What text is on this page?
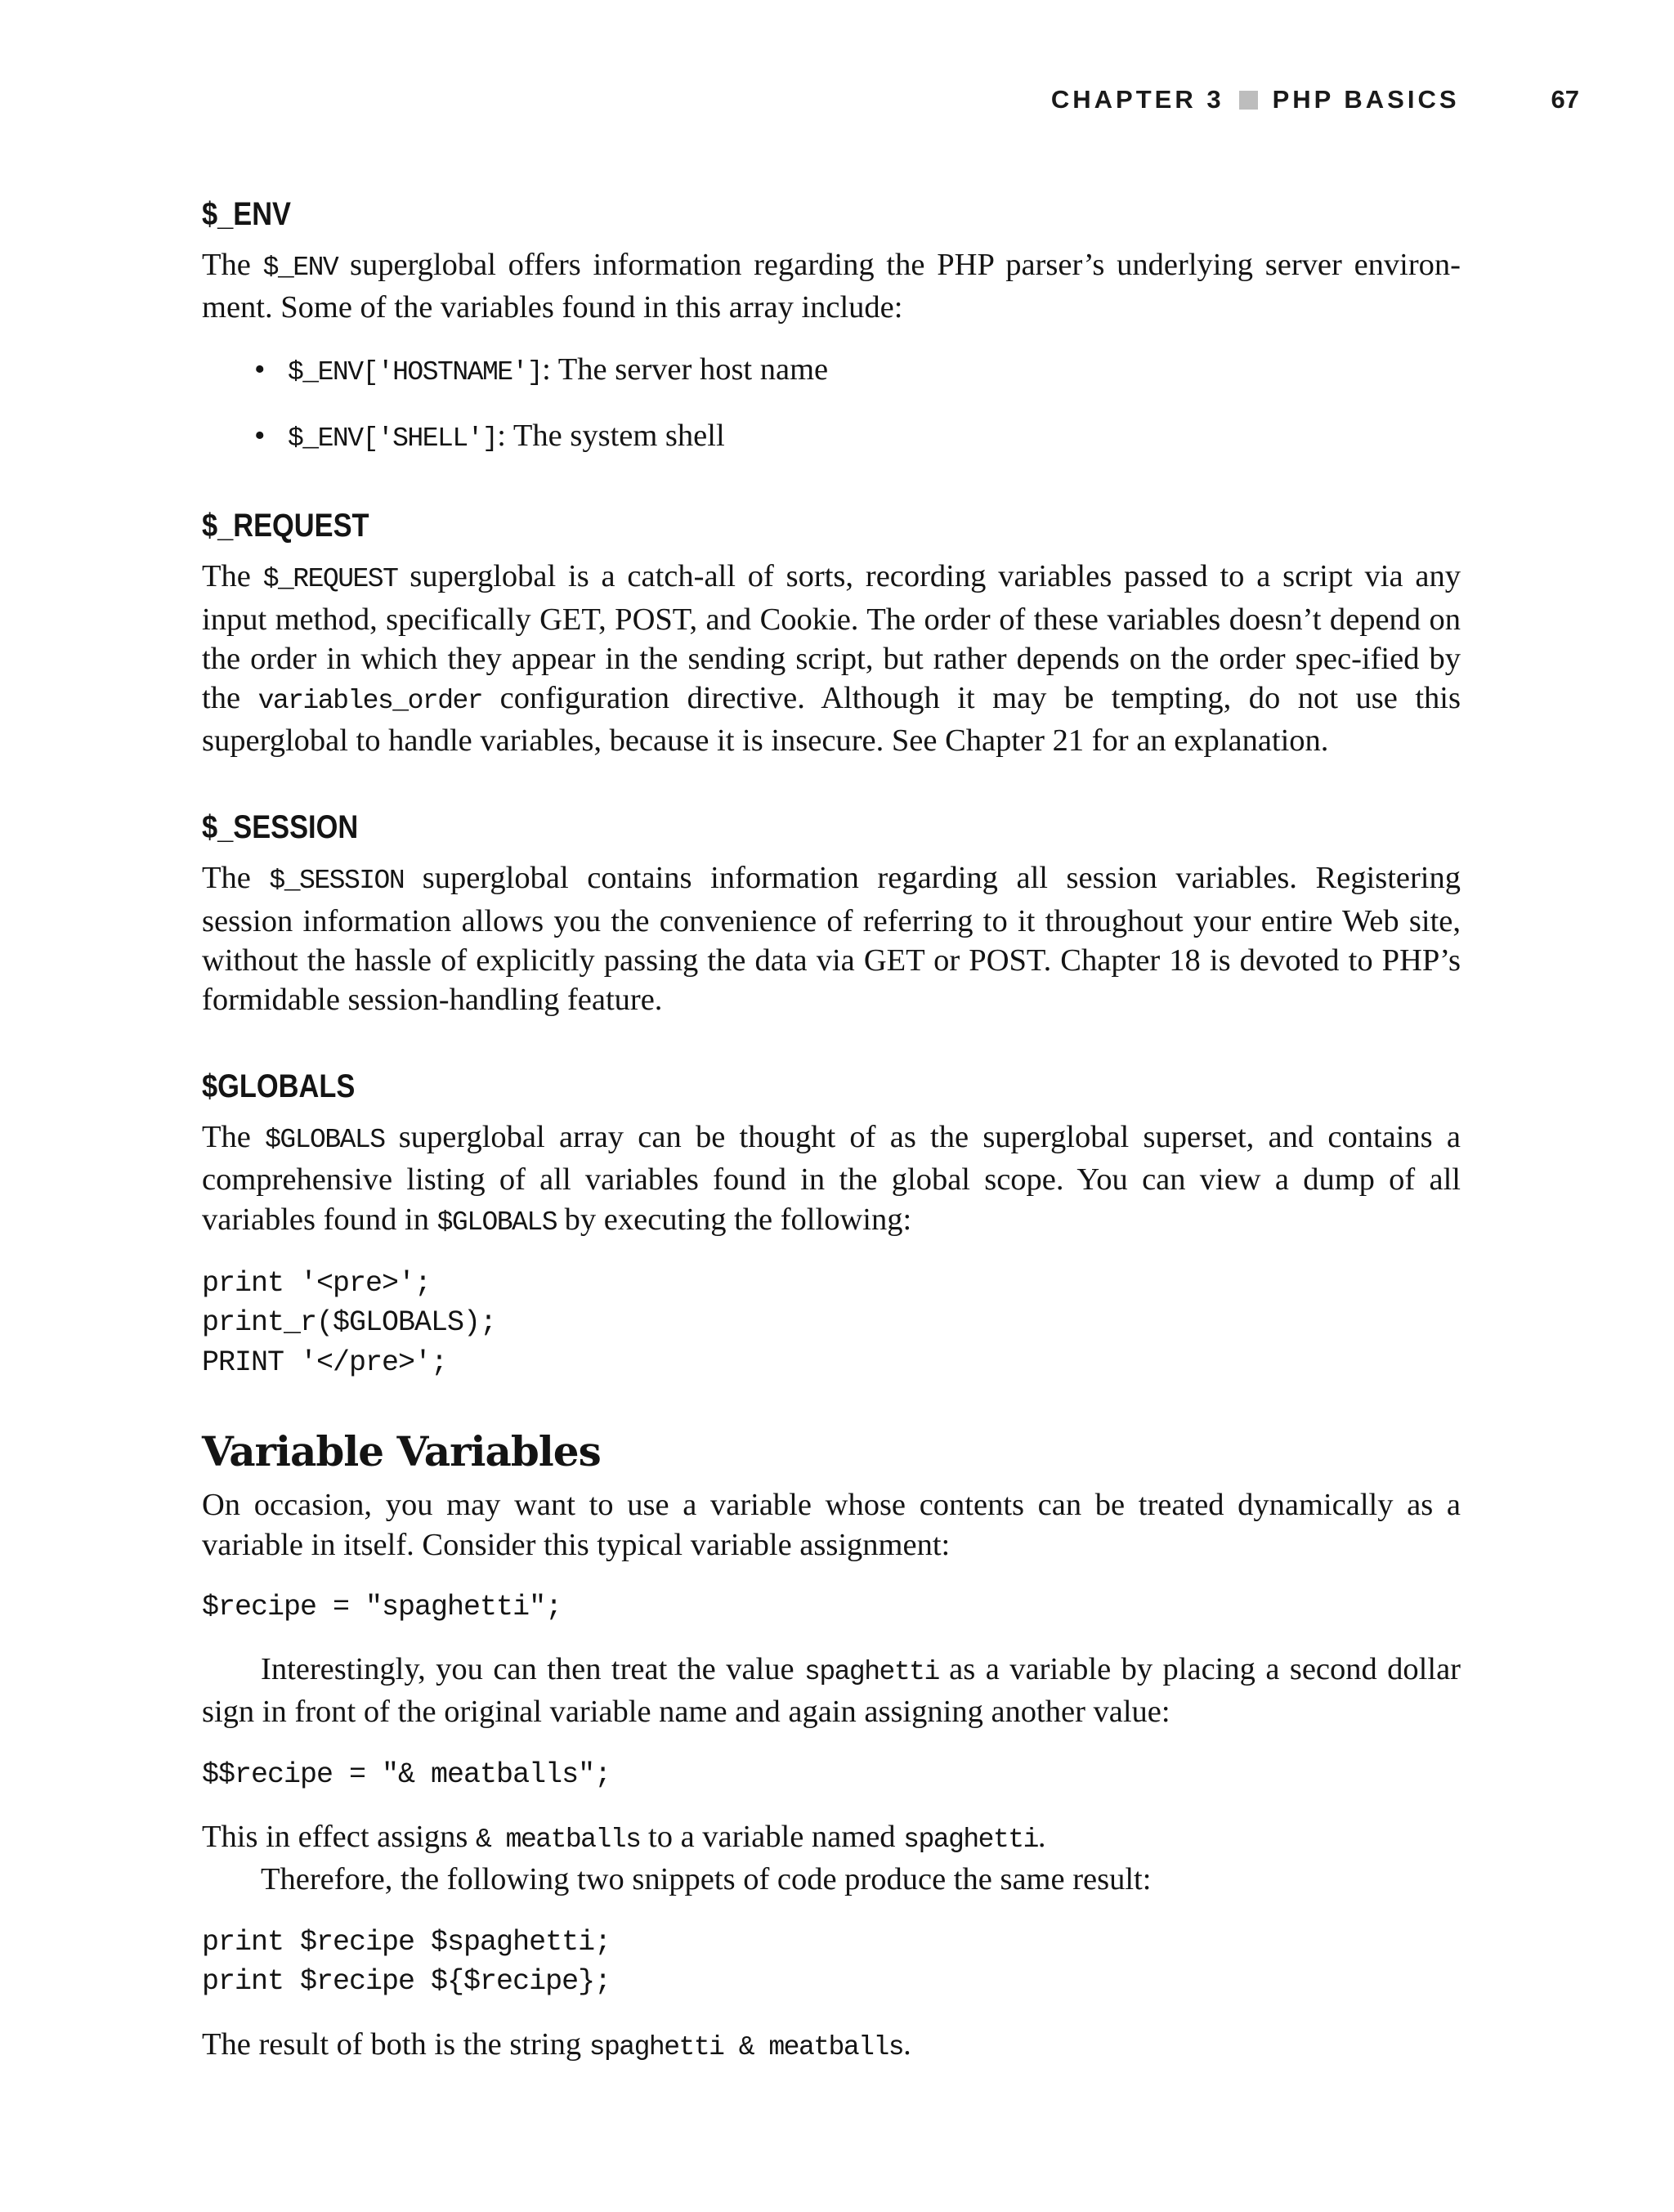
CHAPTER 3 PHP BASICS	67
$_ENV

The $_ENV superglobal offers information regarding the PHP parser’s underlying server environ-ment. Some of the variables found in this array include:

• $_ENV['HOSTNAME']: The server host name
• $_ENV['SHELL']: The system shell
$_REQUEST

The $_REQUEST superglobal is a catch-all of sorts, recording variables passed to a script via any input method, specifically GET, POST, and Cookie. The order of these variables doesn’t depend on the order in which they appear in the sending script, but rather depends on the order spec-ified by the variables_order configuration directive. Although it may be tempting, do not use this superglobal to handle variables, because it is insecure. See Chapter 21 for an explanation.

$_SESSION

The $_SESSION superglobal contains information regarding all session variables. Registering session information allows you the convenience of referring to it throughout your entire Web site, without the hassle of explicitly passing the data via GET or POST. Chapter 18 is devoted to PHP’s formidable session-handling feature.

$GLOBALS

The $GLOBALS superglobal array can be thought of as the superglobal superset, and contains a comprehensive listing of all variables found in the global scope. You can view a dump of all variables found in $GLOBALS by executing the following:

print '<pre>';
print_r($GLOBALS);
PRINT '</pre>';
Variable Variables

On occasion, you may want to use a variable whose contents can be treated dynamically as a variable in itself. Consider this typical variable assignment:

$recipe = "spaghetti";

Interestingly, you can then treat the value spaghetti as a variable by placing a second dollar sign in front of the original variable name and again assigning another value:

$$recipe = "& meatballs";

This in effect assigns & meatballs to a variable named spaghetti.

Therefore, the following two snippets of code produce the same result:

print $recipe $spaghetti;
print $recipe ${$recipe};

The result of both is the string spaghetti & meatballs.
